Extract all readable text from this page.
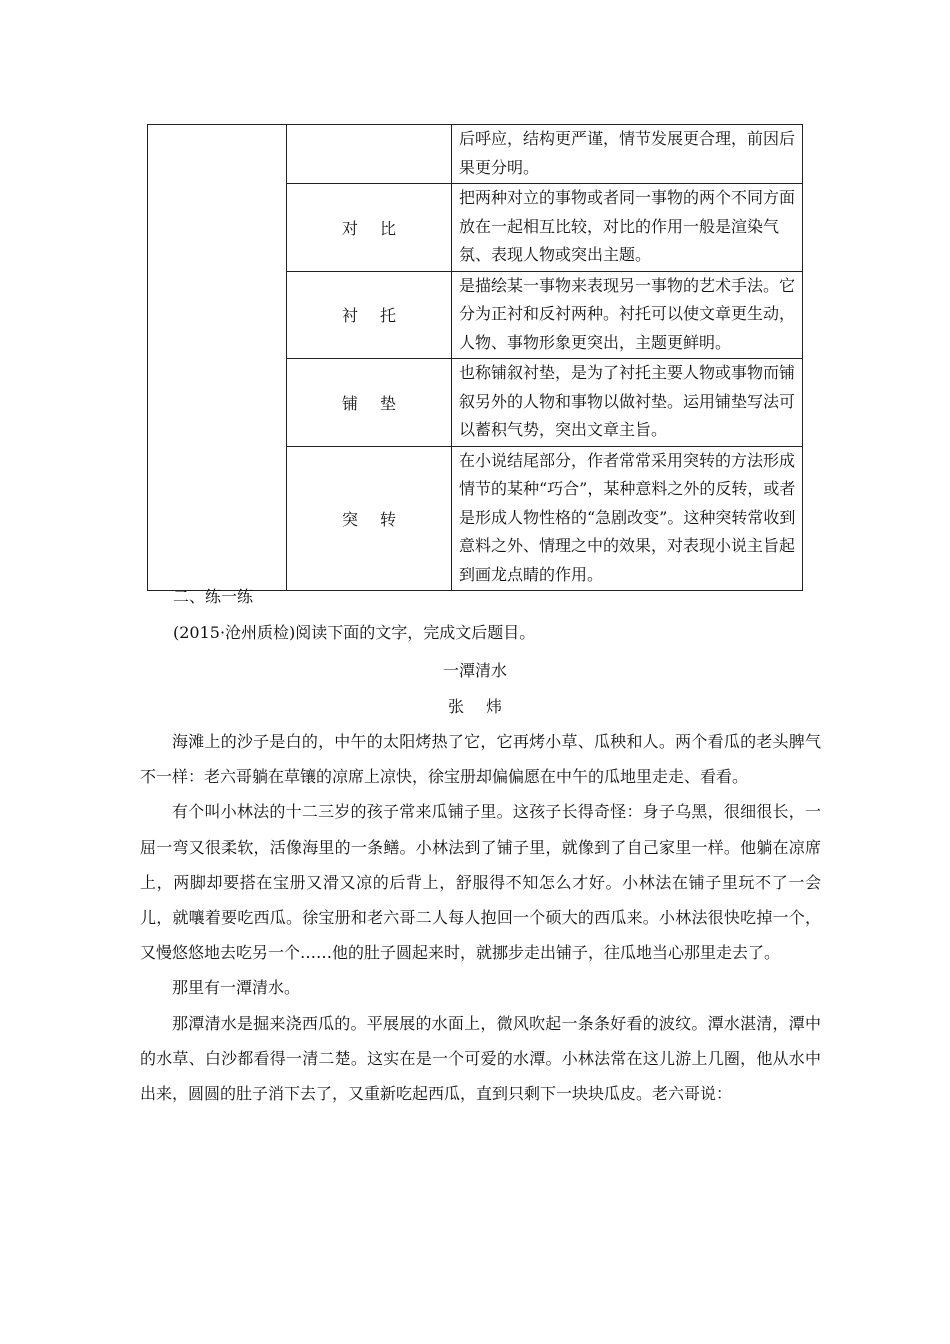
		后呼应，结构更严谨，情节发展更合理，前因后果更分明。
	对 比	把两种对立的事物或者同一事物的两个不同方面放在一起相互比较，对比的作用一般是渲染气氛、表现人物或突出主题。
	衬 托	是描绘某一事物来表现另一事物的艺术手法。它分为正衬和反衬两种。衬托可以使文章更生动，人物、事物形象更突出，主题更鲜明。
	铺 垫	也称铺叙衬垫，是为了衬托主要人物或事物而铺叙另外的人物和事物以做衬垫。运用铺垫写法可以蓄积气势，突出文章主旨。
	突 转	在小说结尾部分，作者常常采用突转的方法形成情节的某种“巧合”，某种意料之外的反转，或者是形成人物性格的“急剧改变”。这种突转常收到意料之外、情理之中的效果，对表现小说主旨起到画龙点睛的作用。
二、练一练
(2015·沧州质检)阅读下面的文字，完成文后题目。
一潭清水
张 炜

海滩上的沙子是白的，中午的太阳烤热了它，它再烤小草、瓜秧和人。两个看瓜的老头脾气不一样：老六哥躺在草镶的凉席上凉快，徐宝册却偏偏愿在中午的瓜地里走走、看看。

有个叫小林法的十二三岁的孩子常来瓜铺子里。这孩子长得奇怪：身子乌黑，很细很长，一屈一弯又很柔软，活像海里的一条鳝。小林法到了铺子里，就像到了自己家里一样。他躺在凉席上，两脚却要搭在宝册又滑又凉的后背上，舒服得不知怎么才好。小林法在铺子里玩不了一会儿，就嚷着要吃西瓜。徐宝册和老六哥二人每人抱回一个硕大的西瓜来。小林法很快吃掉一个，又慢悠悠地去吃另一个……他的肚子圆起来时，就挪步走出铺子，往瓜地当心那里走去了。

那里有一潭清水。

那潭清水是掘来浇西瓜的。平展展的水面上，微风吹起一条条好看的波纹。潭水湛清，潭中的水草、白沙都看得一清二楚。这实在是一个可爱的水潭。小林法常在这儿游上几圈，他从水中出来，圆圆的肚子消下去了，又重新吃起西瓜，直到只剩下一块块瓜皮。老六哥说：
